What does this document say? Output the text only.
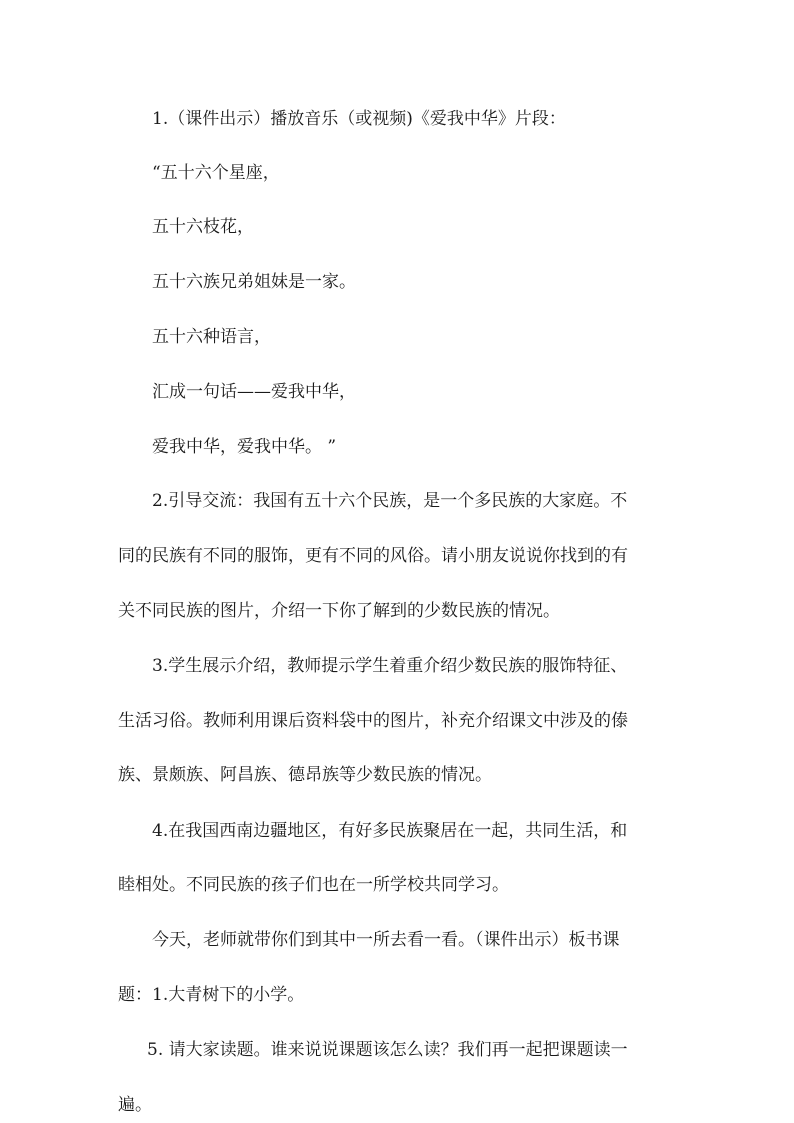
1.（课件出示）播放音乐（或视频)《爱我中华》片段：

“五十六个星座，

五十六枝花，

五十六族兄弟姐妹是一家。

五十六种语言，

汇成一句话——爱我中华，

爱我中华，爱我中华。 ”

2.引导交流：我国有五十六个民族，是一个多民族的大家庭。不

同的民族有不同的服饰，更有不同的风俗。请小朋友说说你找到的有

关不同民族的图片，介绍一下你了解到的少数民族的情况。

3.学生展示介绍，教师提示学生着重介绍少数民族的服饰特征、

生活习俗。教师利用课后资料袋中的图片，补充介绍课文中涉及的傣

族、景颇族、阿昌族、德昂族等少数民族的情况。

4.在我国西南边疆地区，有好多民族聚居在一起，共同生活，和

睦相处。不同民族的孩子们也在一所学校共同学习。

今天，老师就带你们到其中一所去看一看。（课件出示）板书课

题：1.大青树下的小学。

5. 请大家读题。谁来说说课题该怎么读？我们再一起把课题读一

遍。
